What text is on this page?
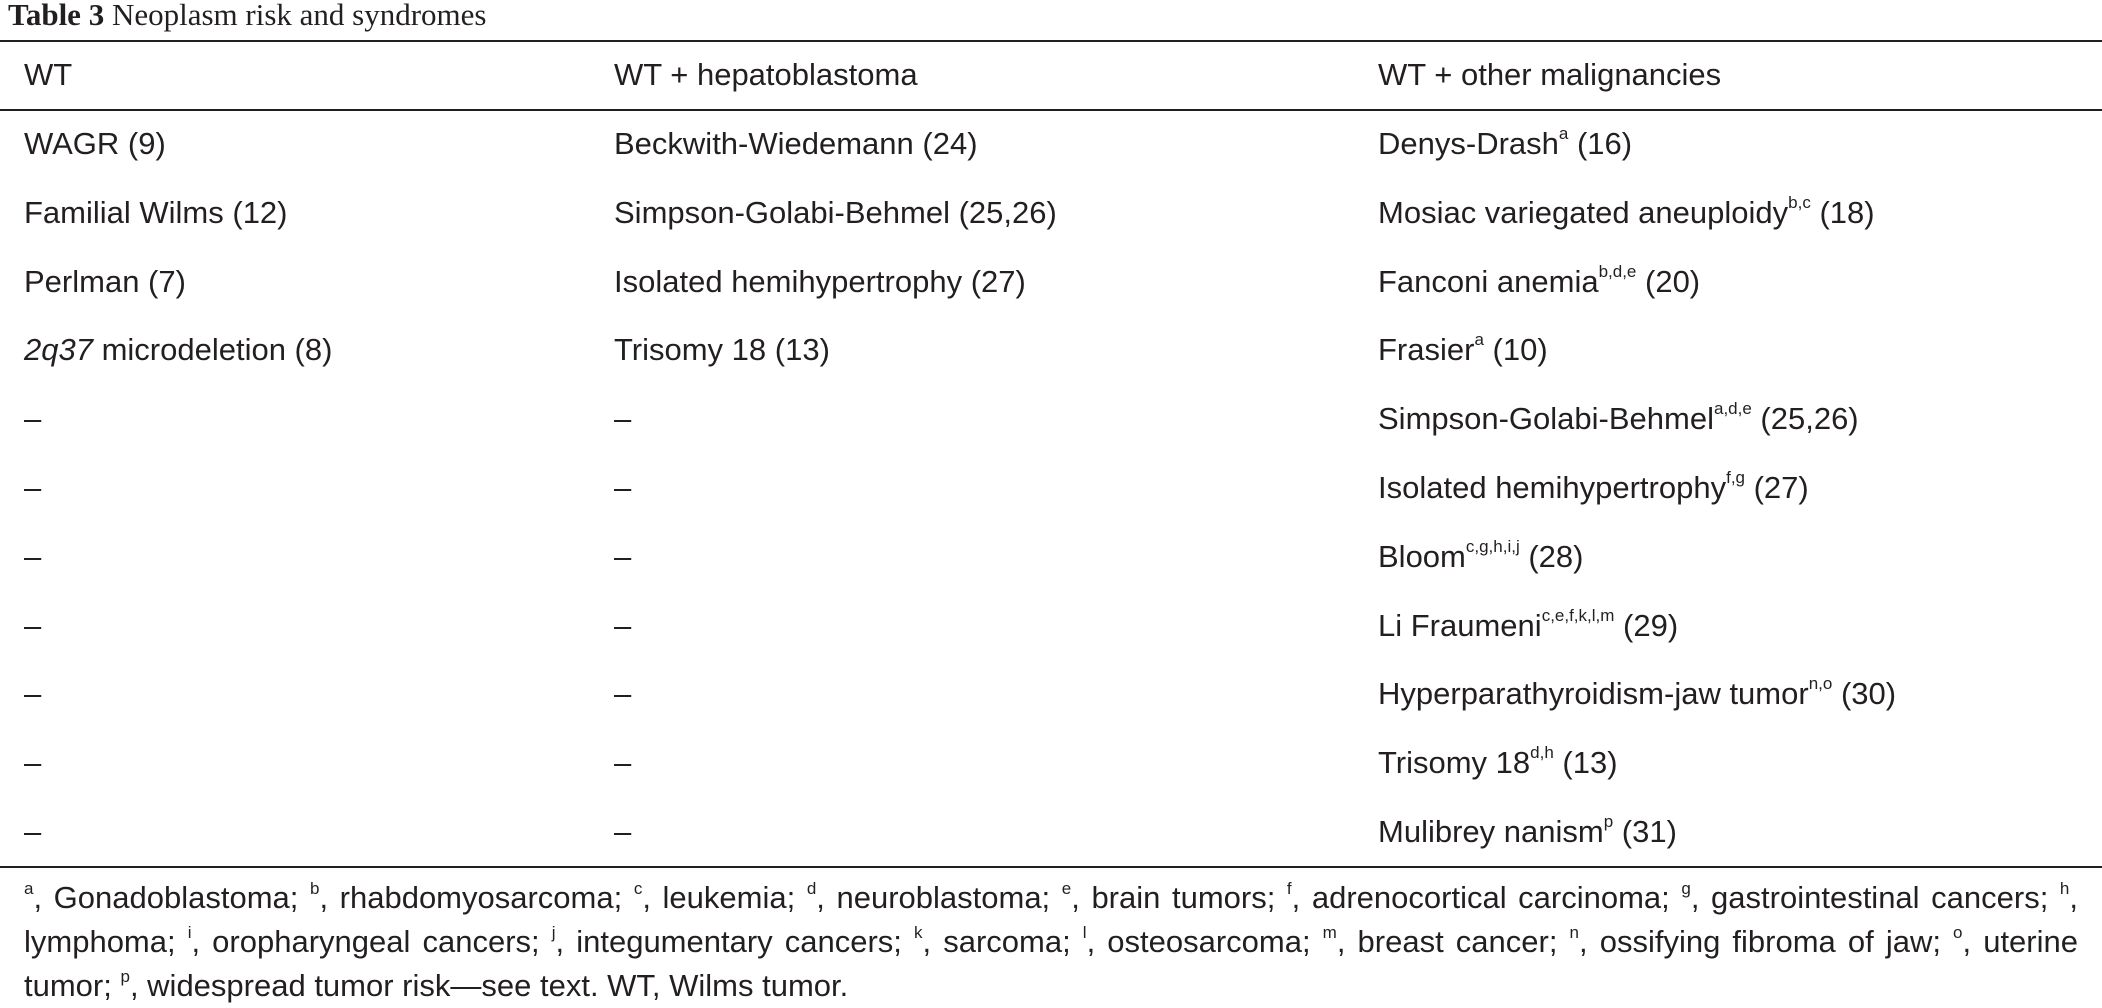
Table 3 Neoplasm risk and syndromes
WT	WT + hepatoblastoma	WT + other malignancies
WAGR (9)	Beckwith-Wiedemann (24)	Denys-Drash$^a$ (16)
Familial Wilms (12)	Simpson-Golabi-Behmel (25,26)	Mosiac variegated aneuploidy$^{b,c}$ (18)
Perlman (7)	Isolated hemihypertrophy (27)	Fanconi anemia$^{b,d,e}$ (20)
2q37 microdeletion (8)	Trisomy 18 (13)	Frasier$^a$ (10)
–	–	Simpson-Golabi-Behmel$^{a,d,e}$ (25,26)
–	–	Isolated hemihypertrophy$^{f,g}$ (27)
–	–	Bloom$^{c,g,h,i,j}$ (28)
–	–	Li Fraumeni$^{c,e,f,k,l,m}$ (29)
–	–	Hyperparathyroidism-jaw tumor$^{n,o}$ (30)
–	–	Trisomy 18$^{d,h}$ (13)
–	–	Mulibrey nanism$^p$ (31)
$^a$, Gonadoblastoma; $^b$, rhabdomyosarcoma; $^c$, leukemia; $^d$, neuroblastoma; $^e$, brain tumors; $^f$, adrenocortical carcinoma; $^g$, gastrointestinal cancers; $^h$, lymphoma; $^i$, oropharyngeal cancers; $^j$, integumentary cancers; $^k$, sarcoma; $^l$, osteosarcoma; $^m$, breast cancer; $^n$, ossifying fibroma of jaw; $^o$, uterine tumor; $^p$, widespread tumor risk—see text. WT, Wilms tumor.
